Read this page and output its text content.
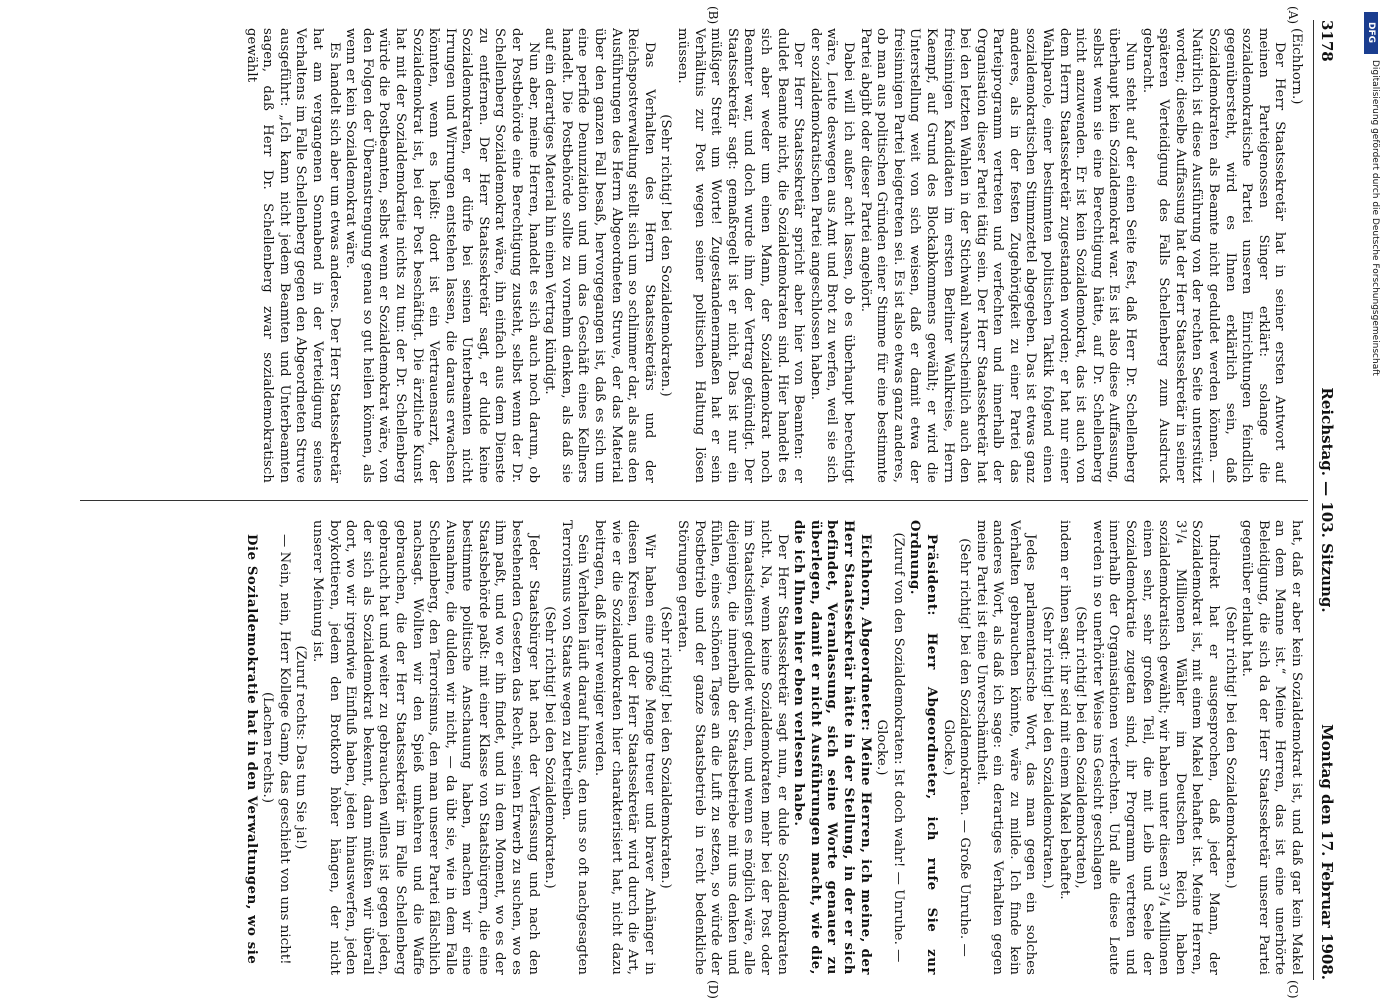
3178
Reichstag. — 103. Sitzung.
Montag den 17. Februar 1908.
(A)
(B)
(C)
(D)

(Eichhorn.)

Der Herr Staatssekretär hat in seiner ersten Antwort auf meinen Parteigenossen Singer erklärt: solange die sozialdemokratische Partei unseren Einrichtungen feindlich gegenübersteht, wird es Ihnen erklärlich sein, daß Sozialdemokraten als Beamte nicht geduldet werden können. — Natürlich ist diese Ausführung von der rechten Seite unterstützt worden; dieselbe Auffassung hat der Herr Staatssekretär in seiner späteren Verteidigung des Falls Schellenberg zum Ausdruck gebracht.

Nun steht auf der einen Seite fest, daß Herr Dr. Schellenberg überhaupt kein Sozialdemokrat war. Es ist also diese Auffassung, selbst wenn sie eine Berechtigung hätte, auf Dr. Schellenberg nicht anzuwenden. Er ist kein Sozialdemokrat, das ist auch von dem Herrn Staatssekretär zugestanden worden; er hat nur einer Wahlparole, einer bestimmten politischen Taktik folgend einen sozialdemokratischen Stimmzettel abgegeben. Das ist etwas ganz anderes, als in der festen Zugehörigkeit zu einer Partei das Parteiprogramm vertreten und verfechten und innerhalb der Organisation dieser Partei tätig sein. Der Herr Staatssekretär hat bei den letzten Wahlen in der Stichwahl wahrscheinlich auch den freisinnigen Kandidaten im ersten Berliner Wahlkreise, Herrn Kaempf, auf Grund des Blockabkommens gewählt; er wird die Unterstellung weit von sich weisen, daß er damit etwa der freisinnigen Partei beigetreten sei. Es ist also etwas ganz anderes, ob man aus politischen Gründen einer Stimme für eine bestimmte Partei abgibt oder dieser Partei angehört.

Dabei will ich außer acht lassen, ob es überhaupt berechtigt wäre, Leute deswegen aus Amt und Brot zu werfen, weil sie sich der sozialdemokratischen Partei angeschlossen haben.

Der Herr Staatssekretär spricht aber hier von Beamten: er duldet Beamte nicht, die Sozialdemokraten sind. Hier handelt es sich aber weder um einen Mann, der Sozialdemokrat noch Beamter war, und doch wurde ihm der Vertrag gekündigt. Der Staatssekretär sagt: gemaßregelt ist er nicht. Das ist nur ein müßiger Streit um Worte! Zugestandenermaßen hat er sein Verhältnis zur Post wegen seiner politischen Haltung lösen müssen.

(Sehr richtig! bei den Sozialdemokraten.)

Das Verhalten des Herrn Staatssekretärs und der Reichspostverwaltung stellt sich um so schlimmer dar, als aus den Ausführungen des Herrn Abgeordneten Struve, der das Material über den ganzen Fall besaß, hervorgegangen ist, daß es sich um eine perfide Denunziation und um das Geschäft eines Kellners handelt. Die Postbehörde sollte zu vornehm denken, als daß sie auf ein derartiges Material hin einen Vertrag kündigt.

Nun aber, meine Herren, handelt es sich auch noch darum, ob der Postbehörde eine Berechtigung zusteht, selbst wenn der Dr. Schellenberg Sozialdemokrat wäre, ihn einfach aus dem Dienste zu entfernen. Der Herr Staatssekretär sagt, er dulde keine Sozialdemokraten, er dürfe bei seinen Unterbeamten nicht Irrungen und Wirrungen entstehen lassen, die daraus erwachsen könnten, wenn es heißt: dort ist ein Vertrauensarzt, der Sozialdemokrat ist, bei der Post beschäftigt. Die ärztliche Kunst hat mit der Sozialdemokratie nichts zu tun: der Dr. Schellenberg würde die Postbeamten, selbst wenn er Sozialdemokrat wäre, von den Folgen der Überanstrengung genau so gut heilen können, als wenn er kein Sozialdemokrat wäre.

Es handelt sich aber um etwas anderes. Der Herr Staatssekretär hat am vergangenen Sonnabend in der Verteidigung seines Verhaltens im Falle Schellenberg gegen den Abgeordneten Struve ausgeführt: „Ich kann nicht jedem Beamten und Unterbeamten sagen, daß Herr Dr. Schellenberg zwar sozialdemokratisch gewählt

hat, daß er aber kein Sozialdemokrat ist, und daß gar kein Makel an dem Manne ist.“ Meine Herren, das ist eine unerhörte Beleidigung, die sich da der Herr Staatssekretär unserer Partei gegenüber erlaubt hat.

(Sehr richtig! bei den Sozialdemokraten.)

Indirekt hat er ausgesprochen, daß jeder Mann, der Sozialdemokrat ist, mit einem Makel behaftet ist. Meine Herren, 3¹/₄ Millionen Wähler im Deutschen Reich haben sozialdemokratisch gewählt; wir haben unter diesen 3¹/₄ Millionen einen sehr, sehr großen Teil, die mit Leib und Seele der Sozialdemokratie zugetan sind, ihr Programm vertreten und innerhalb der Organisationen verfechten. Und alle diese Leute werden in so unerhörter Weise ins Gesicht geschlagen

(Sehr richtig! bei den Sozialdemokraten),

indem er ihnen sagt: ihr seid mit einem Makel behaftet.

(Sehr richtig! bei den Sozialdemokraten.)

Jedes parlamentarische Wort, das man gegen ein solches Verhalten gebrauchen könnte, wäre zu milde. Ich finde kein anderes Wort, als daß ich sage: ein derartiges Verhalten gegen meine Partei ist eine Unverschämtheit.

(Sehr richtig! bei den Sozialdemokraten. — Große Unruhe. — Glocke.)

Präsident: Herr Abgeordneter, ich rufe Sie zur Ordnung.

(Zuruf von den Sozialdemokraten: Ist doch wahr! — Unruhe. — Glocke.)

Eichhorn, Abgeordneter: Meine Herren, ich meine, der Herr Staatssekretär hätte in der Stellung, in der er sich befindet, Veranlassung, sich seine Worte genauer zu überlegen, damit er nicht Ausführungen macht, wie die, die ich Ihnen hier eben verlesen habe.

Der Herr Staatssekretär sagt nun, er dulde Sozialdemokraten nicht. Na, wenn keine Sozialdemokraten mehr bei der Post oder im Staatsdienst geduldet würden, und wenn es möglich wäre, alle diejenigen, die innerhalb der Staatsbetriebe mit uns denken und fühlen, eines schönen Tages an die Luft zu setzen, so würde der Postbetrieb und der ganze Staatsbetrieb in recht bedenkliche Störungen geraten.

(Sehr richtig! bei den Sozialdemokraten.)

Wir haben eine große Menge treuer und braver Anhänger in diesen Kreisen, und der Herr Staatssekretär wird durch die Art, wie er die Sozialdemokraten hier charakterisiert hat, nicht dazu beitragen, daß ihrer weniger werden.

Sein Verhalten läuft darauf hinaus, den uns so oft nachgesagten Terrorismus von Staats wegen zu betreiben.

(Sehr richtig! bei den Sozialdemokraten.)

Jeder Staatsbürger hat nach der Verfassung und nach den bestehenden Gesetzen das Recht, seinen Erwerb zu suchen, wo es ihm paßt, und wo er ihn findet, und in dem Moment, wo es der Staatsbehörde paßt: mit einer Klasse von Staatsbürgern, die eine bestimmte politische Anschauung haben, machen wir eine Ausnahme, die dulden wir nicht, — da übt sie, wie in dem Falle Schellenberg, den Terrorismus, den man unserer Partei fälschlich nachsagt. Wollten wir den Spieß umkehren und die Waffe gebrauchen, die der Herr Staatssekretär im Falle Schellenberg gebraucht hat und weiter zu gebrauchen willens ist gegen jeden, der sich als Sozialdemokrat bekennt, dann müßten wir überall dort, wo wir irgendwie Einfluß haben, jeden hinauswerfen, jeden boykottieren, jedem den Brotkorb höher hängen, der nicht unserer Meinung ist.

(Zuruf rechts: Das tun Sie ja!)

— Nein, nein, Herr Kollege Gamp, das geschieht von uns nicht!

(Lachen rechts.)

Die Sozialdemokratie hat in den Verwaltungen, wo sie

DFG
Digitalisierung gefördert durch die Deutsche Forschungsgemeinschaft
